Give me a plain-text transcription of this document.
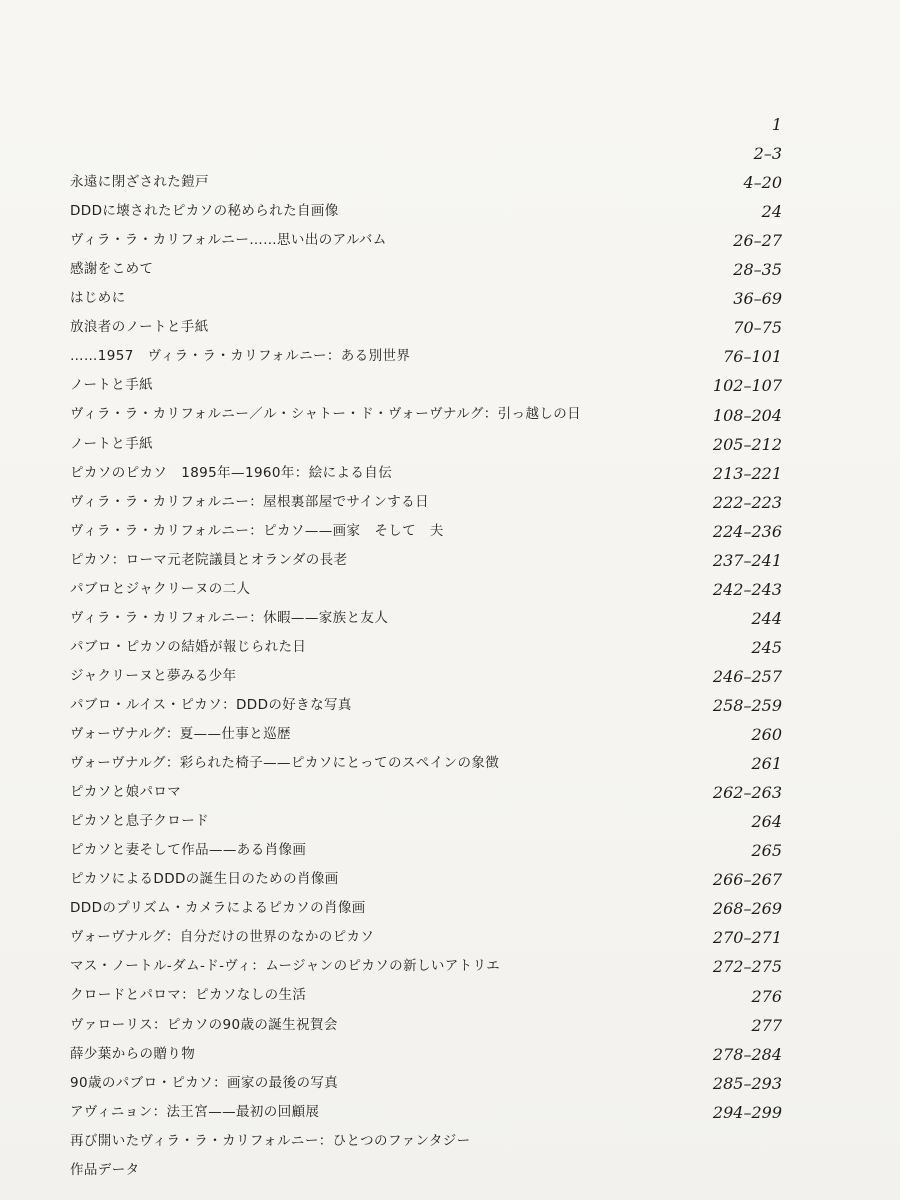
1
永遠に閉ざされた鎧戸
2–3
DDDに壊されたピカソの秘められた自画像
4–20
ヴィラ・ラ・カリフォルニー……思い出のアルバム
24
感謝をこめて
26–27
はじめに
28–35
放浪者のノートと手紙
36–69
……1957　ヴィラ・ラ・カリフォルニー：ある別世界
70–75
ノートと手紙
76–101
ヴィラ・ラ・カリフォルニー／ル・シャトー・ド・ヴォーヴナルグ：引っ越しの日
102–107
ノートと手紙
108–204
ピカソのピカソ　1895年—1960年：絵による自伝
205–212
ヴィラ・ラ・カリフォルニー：屋根裏部屋でサインする日
213–221
ヴィラ・ラ・カリフォルニー：ピカソ——画家　そして　夫
222–223
ピカソ：ローマ元老院議員とオランダの長老
224–236
パブロとジャクリーヌの二人
237–241
ヴィラ・ラ・カリフォルニー：休暇——家族と友人
242–243
パブロ・ピカソの結婚が報じられた日
244
ジャクリーヌと夢みる少年
245
パブロ・ルイス・ピカソ：DDDの好きな写真
246–257
ヴォーヴナルグ：夏——仕事と巡歴
258–259
ヴォーヴナルグ：彩られた椅子——ピカソにとってのスペインの象徴
260
ピカソと娘パロマ
261
ピカソと息子クロード
262–263
ピカソと妻そして作品——ある肖像画
264
ピカソによるDDDの誕生日のための肖像画
265
DDDのプリズム・カメラによるピカソの肖像画
266–267
ヴォーヴナルグ：自分だけの世界のなかのピカソ
268–269
マス・ノートル-ダム-ド-ヴィ：ムージャンのピカソの新しいアトリエ
270–271
クロードとパロマ：ピカソなしの生活
272–275
ヴァローリス：ピカソの90歳の誕生祝賀会
276
薛少葉からの贈り物
277
90歳のパブロ・ピカソ：画家の最後の写真
278–284
アヴィニョン：法王宮——最初の回顧展
285–293
再び開いたヴィラ・ラ・カリフォルニー：ひとつのファンタジー
294–299
作品データ
